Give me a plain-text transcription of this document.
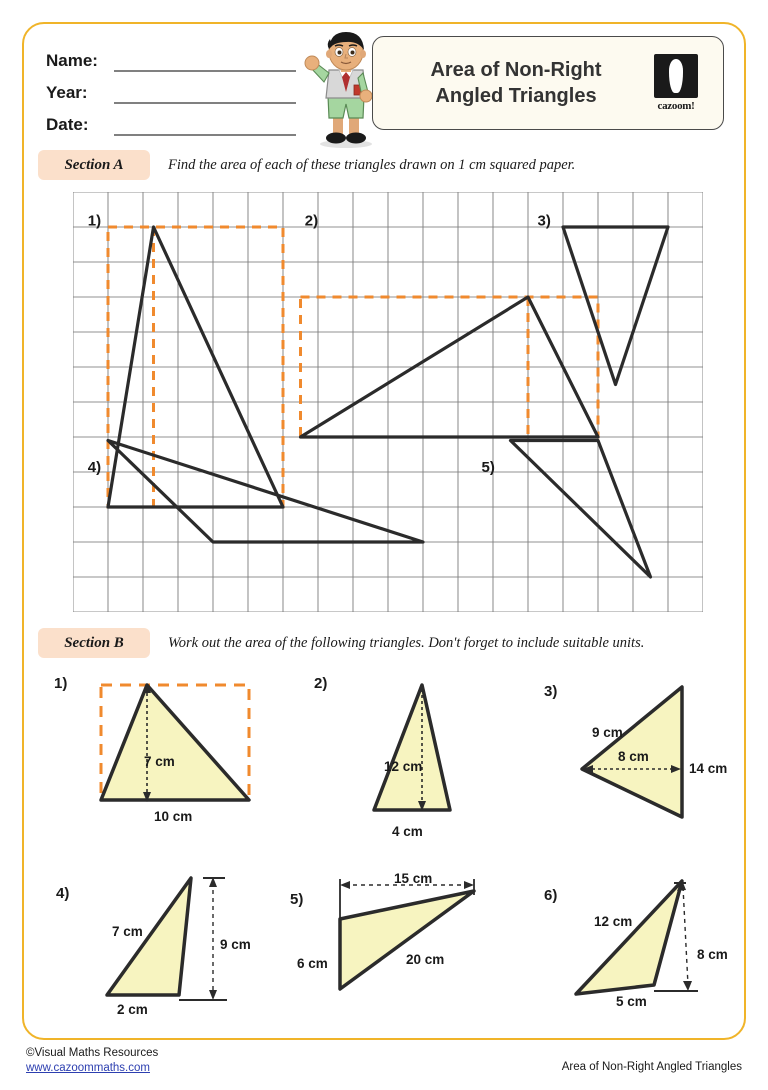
Name:
Year:
Date:
Area of Non-Right
Angled Triangles	cazoom!
Section A	Find the area of each of these triangles drawn on 1 cm squared paper.
1)	2)	3)
4)	5)
Section B	Work out the area of the following triangles. Don't forget to include suitable units.
1)
7 cm
10 cm
2)
12 cm
4 cm
3)
9 cm
8 cm
14 cm
4)
7 cm
9 cm
2 cm
5)
15 cm
6 cm	20 cm
6)
12 cm
8 cm
5 cm
©Visual Maths Resources
www.cazoommaths.com	Area of Non-Right Angled Triangles
